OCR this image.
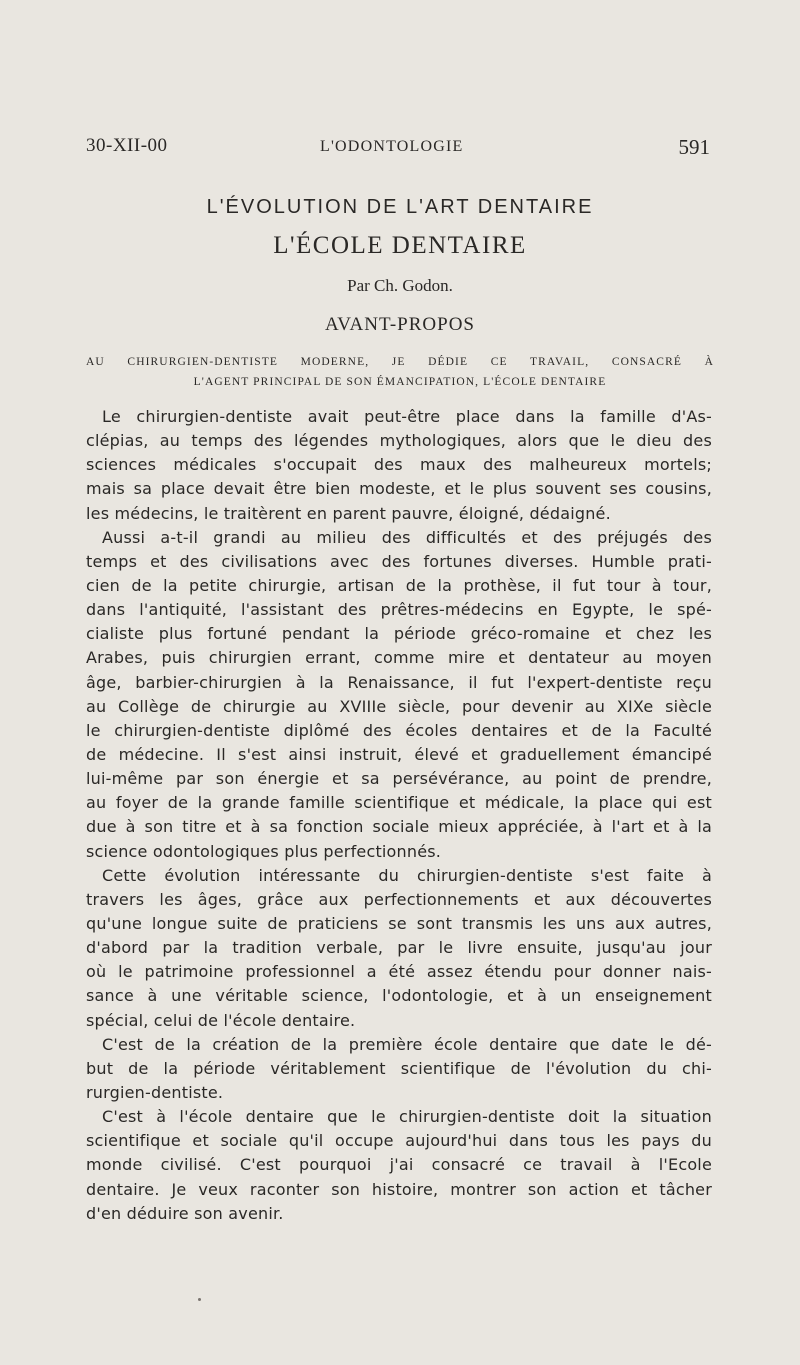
30-XII-00	L'ODONTOLOGIE	591
L'ÉVOLUTION DE L'ART DENTAIRE
L'ÉCOLE DENTAIRE
Par Ch. Godon.
AVANT-PROPOS
AU CHIRURGIEN-DENTISTE MODERNE, JE DÉDIE CE TRAVAIL, CONSACRÉ À
L'AGENT PRINCIPAL DE SON ÉMANCIPATION, L'ÉCOLE DENTAIRE
Le chirurgien-dentiste avait peut-être place dans la famille d'As-
clépias, au temps des légendes mythologiques, alors que le dieu des
sciences médicales s'occupait des maux des malheureux mortels;
mais sa place devait être bien modeste, et le plus souvent ses cousins,
les médecins, le traitèrent en parent pauvre, éloigné, dédaigné.
Aussi a-t-il grandi au milieu des difficultés et des préjugés des
temps et des civilisations avec des fortunes diverses. Humble prati-
cien de la petite chirurgie, artisan de la prothèse, il fut tour à tour,
dans l'antiquité, l'assistant des prêtres-médecins en Egypte, le spé-
cialiste plus fortuné pendant la période gréco-romaine et chez les
Arabes, puis chirurgien errant, comme mire et dentateur au moyen
âge, barbier-chirurgien à la Renaissance, il fut l'expert-dentiste reçu
au Collège de chirurgie au XVIIIe siècle, pour devenir au XIXe siècle
le chirurgien-dentiste diplômé des écoles dentaires et de la Faculté
de médecine. Il s'est ainsi instruit, élevé et graduellement émancipé
lui-même par son énergie et sa persévérance, au point de prendre,
au foyer de la grande famille scientifique et médicale, la place qui est
due à son titre et à sa fonction sociale mieux appréciée, à l'art et à la
science odontologiques plus perfectionnés.
Cette évolution intéressante du chirurgien-dentiste s'est faite à
travers les âges, grâce aux perfectionnements et aux découvertes
qu'une longue suite de praticiens se sont transmis les uns aux autres,
d'abord par la tradition verbale, par le livre ensuite, jusqu'au jour
où le patrimoine professionnel a été assez étendu pour donner nais-
sance à une véritable science, l'odontologie, et à un enseignement
spécial, celui de l'école dentaire.
C'est de la création de la première école dentaire que date le dé-
but de la période véritablement scientifique de l'évolution du chi-
rurgien-dentiste.
C'est à l'école dentaire que le chirurgien-dentiste doit la situation
scientifique et sociale qu'il occupe aujourd'hui dans tous les pays du
monde civilisé. C'est pourquoi j'ai consacré ce travail à l'Ecole
dentaire. Je veux raconter son histoire, montrer son action et tâcher
d'en déduire son avenir.
